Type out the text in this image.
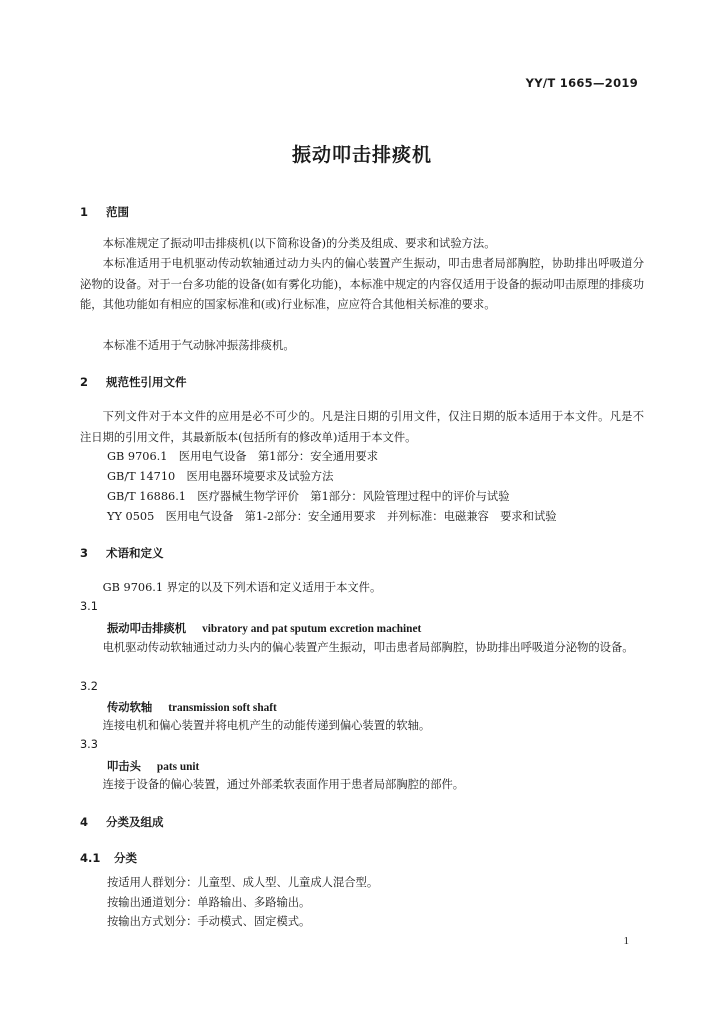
YY/T 1665—2019
振动叩击排痰机
1 范围
本标准规定了振动叩击排痰机(以下简称设备)的分类及组成、要求和试验方法。
本标准适用于电机驱动传动软轴通过动力头内的偏心装置产生振动，叩击患者局部胸腔，协助排出呼吸道分泌物的设备。对于一台多功能的设备(如有雾化功能)，本标准中规定的内容仅适用于设备的振动叩击原理的排痰功能，其他功能如有相应的国家标准和(或)行业标准，应应符合其他相关标准的要求。
本标准不适用于气动脉冲振荡排痰机。
2 规范性引用文件
下列文件对于本文件的应用是必不可少的。凡是注日期的引用文件，仅注日期的版本适用于本文件。凡是不注日期的引用文件，其最新版本(包括所有的修改单)适用于本文件。
GB 9706.1　 医用电气设备　第1部分：安全通用要求
GB/T 14710　 医用电器环境要求及试验方法
GB/T 16886.1　 医疗器械生物学评价　第1部分：风险管理过程中的评价与试验
YY 0505　 医用电气设备　第1-2部分：安全通用要求　并列标准：电磁兼容　要求和试验
3 术语和定义
GB 9706.1 界定的以及下列术语和定义适用于本文件。
3.1
振动叩击排痰机 vibratory and pat sputum excretion machinet
电机驱动传动软轴通过动力头内的偏心装置产生振动，叩击患者局部胸腔，协助排出呼吸道分泌物的设备。
3.2
传动软轴 transmission soft shaft
连接电机和偏心装置并将电机产生的动能传递到偏心装置的软轴。
3.3
叩击头 pats unit
连接于设备的偏心装置，通过外部柔软表面作用于患者局部胸腔的部件。
4 分类及组成
4.1 分类
按适用人群划分：儿童型、成人型、儿童成人混合型。
按输出通道划分：单路输出、多路输出。
按输出方式划分：手动模式、固定模式。
1
